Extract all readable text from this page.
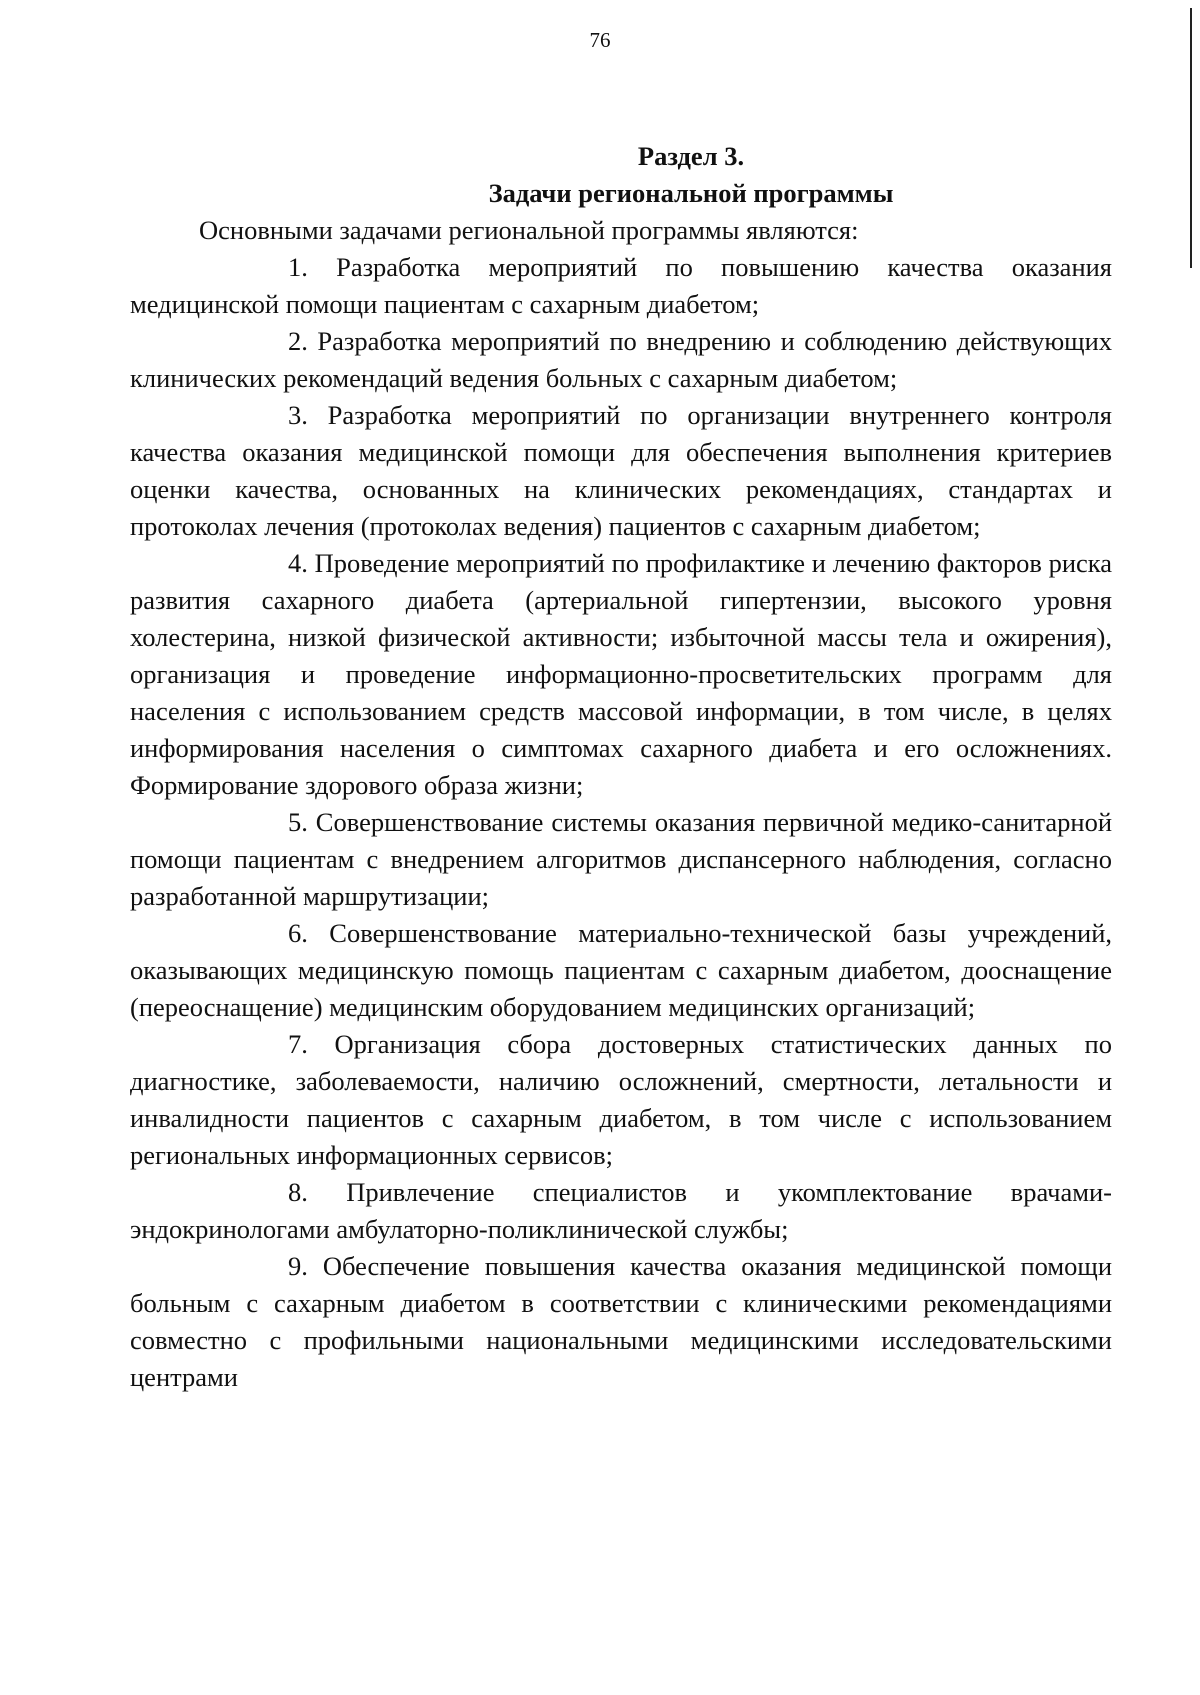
76

Раздел 3.

Задачи региональной программы

Основными задачами региональной программы являются:

1. Разработка мероприятий по повышению качества оказания медицинской помощи пациентам с сахарным диабетом;

2. Разработка мероприятий по внедрению и соблюдению действующих клинических рекомендаций ведения больных с сахарным диабетом;

3. Разработка мероприятий по организации внутреннего контроля качества оказания медицинской помощи для обеспечения выполнения критериев оценки качества, основанных на клинических рекомендациях, стандартах и протоколах лечения (протоколах ведения) пациентов с сахарным диабетом;

4. Проведение мероприятий по профилактике и лечению факторов риска развития сахарного диабета (артериальной гипертензии, высокого уровня холестерина, низкой физической активности; избыточной массы тела и ожирения), организация и проведение информационно-просветительских программ для населения с использованием средств массовой информации, в том числе, в целях информирования населения о симптомах сахарного диабета и его осложнениях. Формирование здорового образа жизни;

5. Совершенствование системы оказания первичной медико-санитарной помощи пациентам с внедрением алгоритмов диспансерного наблюдения, согласно разработанной маршрутизации;

6. Совершенствование материально-технической базы учреждений, оказывающих медицинскую помощь пациентам с сахарным диабетом, дооснащение (переоснащение) медицинским оборудованием медицинских организаций;

7. Организация сбора достоверных статистических данных по диагностике, заболеваемости, наличию осложнений, смертности, летальности и инвалидности пациентов с сахарным диабетом, в том числе с использованием региональных информационных сервисов;

8. Привлечение специалистов и укомплектование врачами-эндокринологами амбулаторно-поликлинической службы;

9. Обеспечение повышения качества оказания медицинской помощи больным с сахарным диабетом в соответствии с клиническими рекомендациями совместно с профильными национальными медицинскими исследовательскими центрами
